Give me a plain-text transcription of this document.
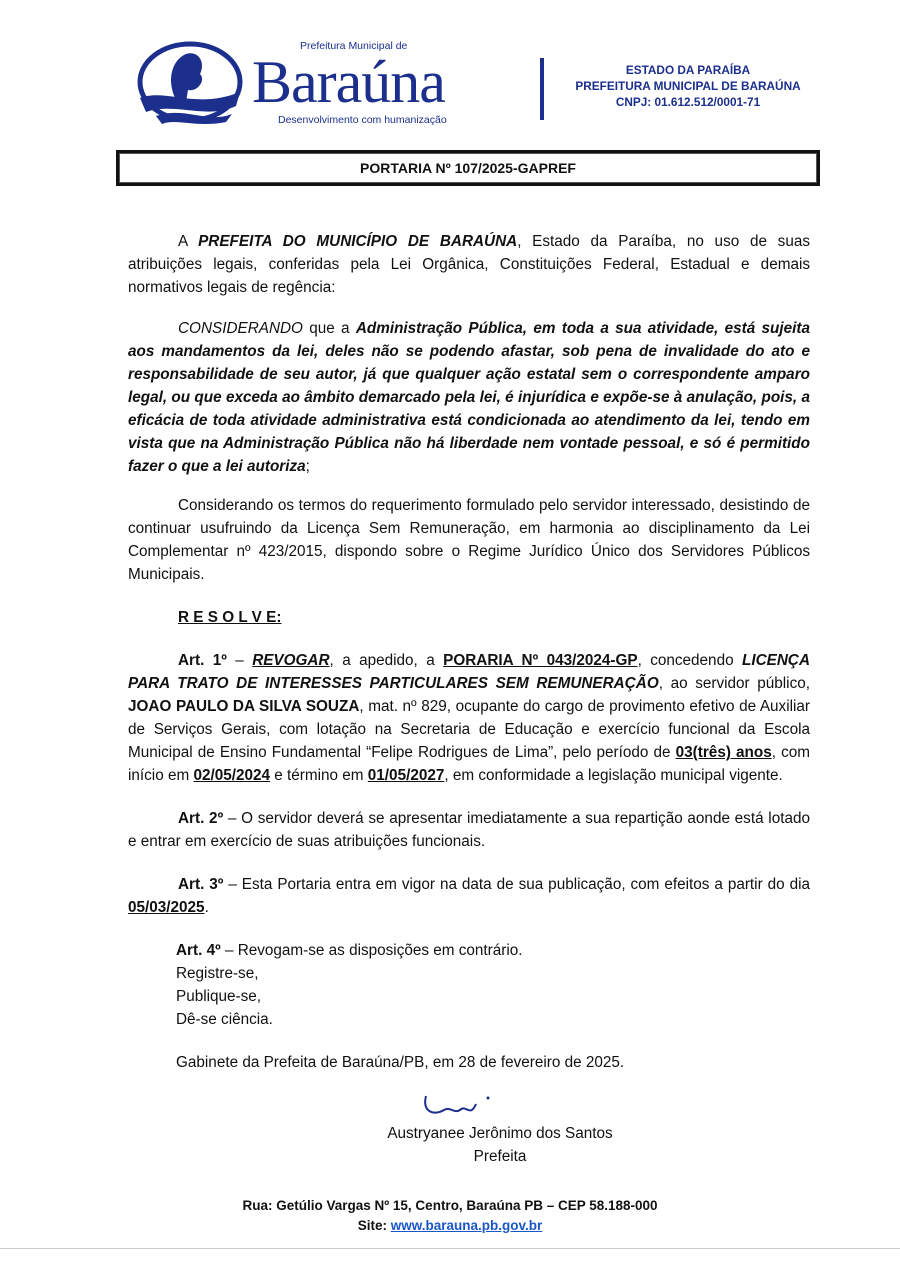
Prefeitura Municipal de
Baraúna
Desenvolvimento com humanização
ESTADO DA PARAÍBA
PREFEITURA MUNICIPAL DE BARAÚNA
CNPJ: 01.612.512/0001-71
PORTARIA Nº 107/2025-GAPREF
A PREFEITA DO MUNICÍPIO DE BARAÚNA, Estado da Paraíba, no uso de suas atribuições legais, conferidas pela Lei Orgânica, Constituições Federal, Estadual e demais normativos legais de regência:
CONSIDERANDO que a Administração Pública, em toda a sua atividade, está sujeita aos mandamentos da lei, deles não se podendo afastar, sob pena de invalidade do ato e responsabilidade de seu autor, já que qualquer ação estatal sem o correspondente amparo legal, ou que exceda ao âmbito demarcado pela lei, é injurídica e expõe-se à anulação, pois, a eficácia de toda atividade administrativa está condicionada ao atendimento da lei, tendo em vista que na Administração Pública não há liberdade nem vontade pessoal, e só é permitido fazer o que a lei autoriza;
Considerando os termos do requerimento formulado pelo servidor interessado, desistindo de continuar usufruindo da Licença Sem Remuneração, em harmonia ao disciplinamento da Lei Complementar nº 423/2015, dispondo sobre o Regime Jurídico Único dos Servidores Públicos Municipais.
R E S O L V E:
Art. 1º – REVOGAR, a apedido, a PORARIA Nº 043/2024-GP, concedendo LICENÇA PARA TRATO DE INTERESSES PARTICULARES SEM REMUNERAÇÃO, ao servidor público, JOAO PAULO DA SILVA SOUZA, mat. nº 829, ocupante do cargo de provimento efetivo de Auxiliar de Serviços Gerais, com lotação na Secretaria de Educação e exercício funcional da Escola Municipal de Ensino Fundamental “Felipe Rodrigues de Lima”, pelo período de 03(três) anos, com início em 02/05/2024 e término em 01/05/2027, em conformidade a legislação municipal vigente.
Art. 2º – O servidor deverá se apresentar imediatamente a sua repartição aonde está lotado e entrar em exercício de suas atribuições funcionais.
Art. 3º – Esta Portaria entra em vigor na data de sua publicação, com efeitos a partir do dia 05/03/2025.
Art. 4º – Revogam-se as disposições em contrário.
Registre-se,
Publique-se,
Dê-se ciência.
Gabinete da Prefeita de Baraúna/PB, em 28 de fevereiro de 2025.
Austryanee Jerônimo dos Santos
Prefeita
Rua: Getúlio Vargas Nº 15, Centro, Baraúna PB – CEP 58.188-000
Site: www.barauna.pb.gov.br
